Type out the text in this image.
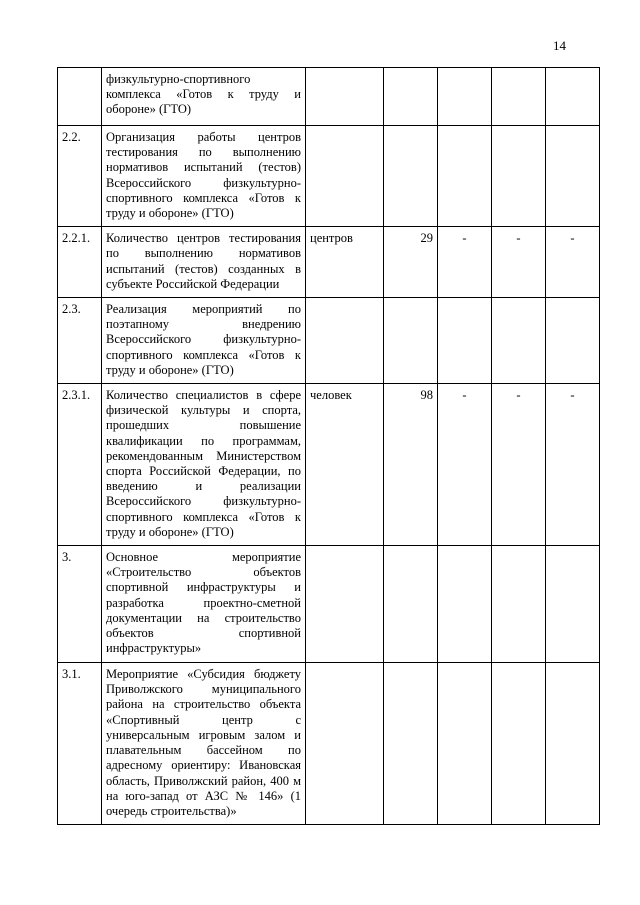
14
	физкультурно-спортивного комплекса «Готов к труду и обороне» (ГТО)					
2.2.	Организация работы центров тестирования по выполнению нормативов испытаний (тестов) Всероссийского физкультурно-спортивного комплекса «Готов к труду и обороне» (ГТО)					
2.2.1.	Количество центров тестирования по выполнению нормативов испытаний (тестов) созданных в субъекте Российской Федерации	центров	29	-	-	-
2.3.	Реализация мероприятий по поэтапному внедрению Всероссийского физкультурно-спортивного комплекса «Готов к труду и обороне» (ГТО)					
2.3.1.	Количество специалистов в сфере физической культуры и спорта, прошедших повышение квалификации по программам, рекомендованным Министерством спорта Российской Федерации, по введению и реализации Всероссийского физкультурно-спортивного комплекса «Готов к труду и обороне» (ГТО)	человек	98	-	-	-
3.	Основное мероприятие «Строительство объектов спортивной инфраструктуры и разработка проектно-сметной документации на строительство объектов спортивной инфраструктуры»					
3.1.	Мероприятие «Субсидия бюджету Приволжского муниципального района на строительство объекта «Спортивный центр с универсальным игровым залом и плавательным бассейном по адресному ориентиру: Ивановская область, Приволжский район, 400 м на юго-запад от АЗС № 146» (1 очередь строительства)»					
